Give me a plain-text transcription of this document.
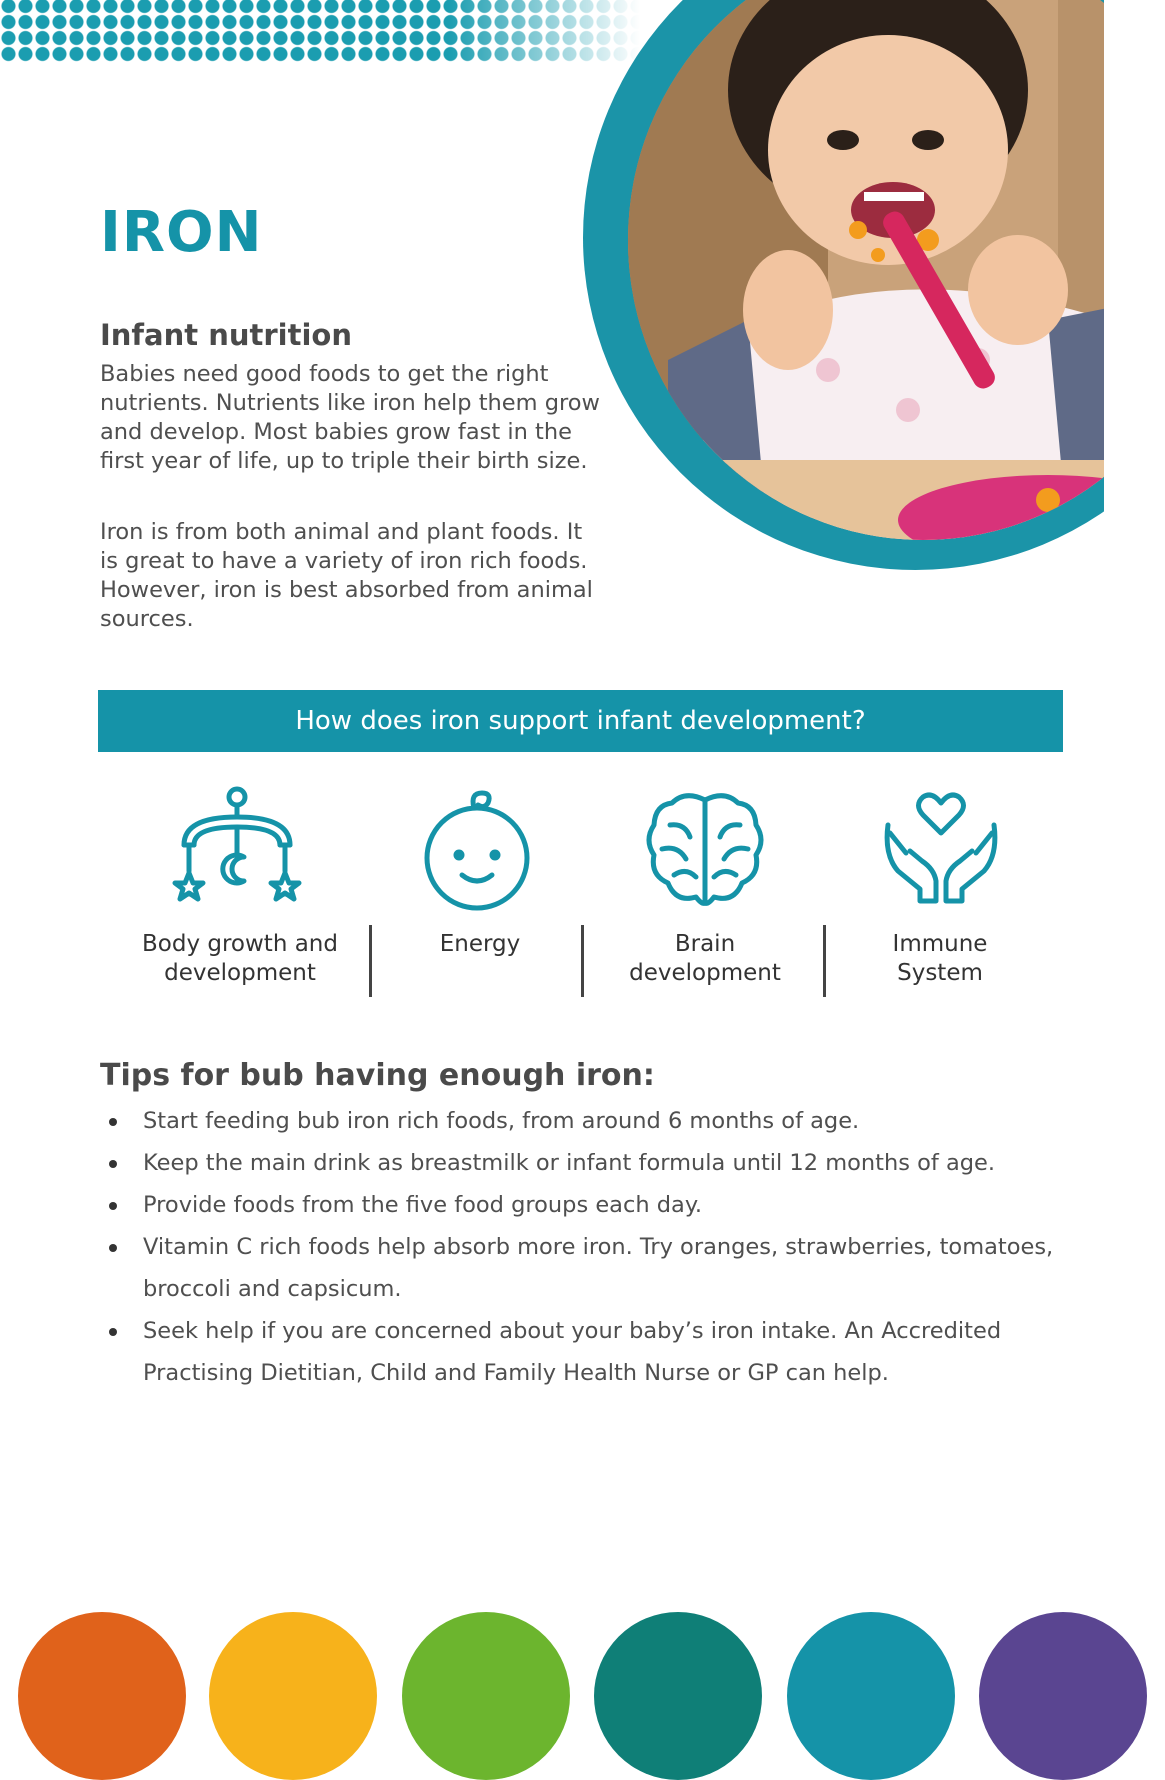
IRON
Infant nutrition

Babies need good foods to get the right nutrients. Nutrients like iron help them grow and develop. Most babies grow fast in the first year of life, up to triple their birth size.

Iron is from both animal and plant foods. It is great to have a variety of iron rich foods. However, iron is best absorbed from animal sources.

How does iron support infant development?
Body growth and
development
Energy	Brain
development
Immune
System
Tips for bub having enough iron:
Start feeding bub iron rich foods, from around 6 months of age.
Keep the main drink as breastmilk or infant formula until 12 months of age.
Provide foods from the five food groups each day.
Vitamin C rich foods help absorb more iron. Try oranges, strawberries, tomatoes, broccoli and capsicum.
Seek help if you are concerned about your baby’s iron intake. An Accredited Practising Dietitian, Child and Family Health Nurse or GP can help.
